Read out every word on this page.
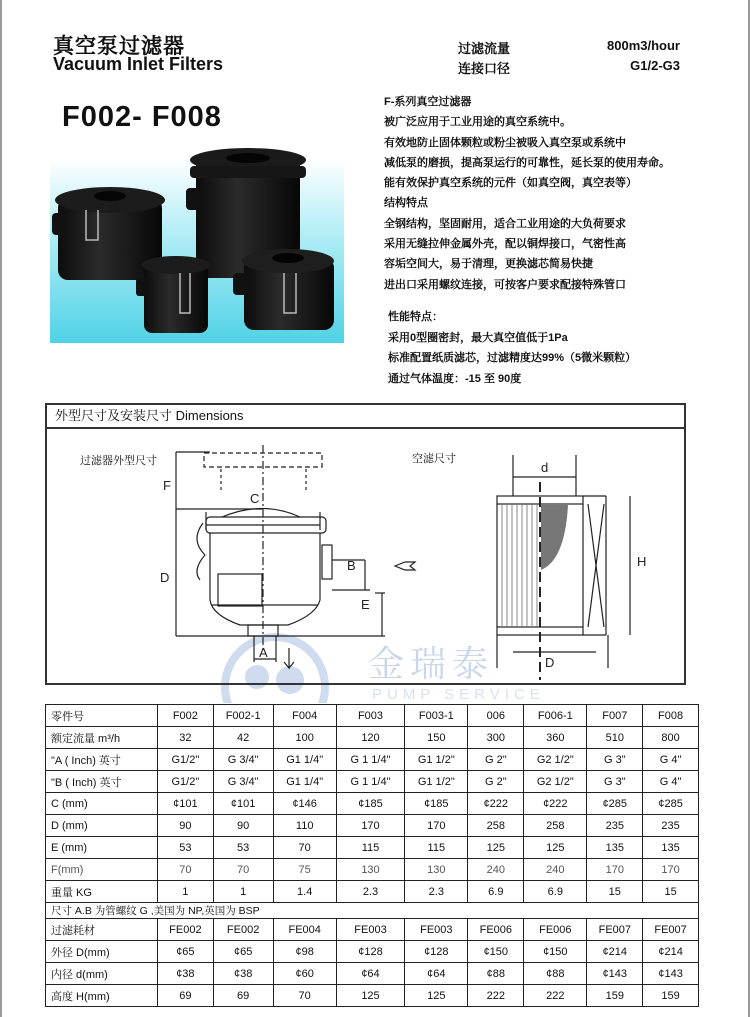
真空泵过滤器
Vacuum Inlet Filters
F002- F008
过滤流量	800m3/hour
连接口径	G1/2-G3
F-系列真空过滤器
被广泛应用于工业用途的真空系统中。
有效地防止固体颗粒或粉尘被吸入真空泵或系统中
减低泵的磨损，提高泵运行的可靠性，延长泵的使用寿命。
能有效保护真空系统的元件（如真空阀，真空表等）
结构特点
全钢结构，坚固耐用，适合工业用途的大负荷要求
采用无缝拉伸金属外壳，配以铜焊接口，气密性高
容垢空间大，易于清理，更换滤芯简易快捷
进出口采用螺纹连接，可按客户要求配接特殊管口
性能特点：
采用0型圈密封，最大真空值低于1Pa
标准配置纸质滤芯，过滤精度达99%（5微米颗粒）
通过气体温度：-15 至 90度
金瑞泰
PUMP SERVICE
外型尺寸及安装尺寸 Dimensions
过滤器外型尺寸	空滤尺寸
F
C
D
B
E
A
d
H
D
零件号	F002	F002-1	F004	F003	F003-1	006	F006-1	F007	F008
额定流量 m³/h	32	42	100	120	150	300	360	510	800
"A ( Inch) 英寸	G1/2"	G 3/4"	G1 1/4"	G 1 1/4"	G1 1/2"	G 2"	G2 1/2"	G 3"	G 4"
"B ( Inch) 英寸	G1/2"	G 3/4"	G1 1/4"	G 1 1/4"	G1 1/2"	G 2"	G2 1/2"	G 3"	G 4"
C (mm)	¢101	¢101	¢146	¢185	¢185	¢222	¢222	¢285	¢285
D (mm)	90	90	110	170	170	258	258	235	235
E (mm)	53	53	70	115	115	125	125	135	135
F(mm)	70	70	75	130	130	240	240	170	170
重量 KG	1	1	1.4	2.3	2.3	6.9	6.9	15	15
尺寸 A.B 为管螺纹 G ,美国为 NP,英国为 BSP									
过滤耗材	FE002	FE002	FE004	FE003	FE003	FE006	FE006	FE007	FE007
外径 D(mm)	¢65	¢65	¢98	¢128	¢128	¢150	¢150	¢214	¢214
内径 d(mm)	¢38	¢38	¢60	¢64	¢64	¢88	¢88	¢143	¢143
高度 H(mm)	69	69	70	125	125	222	222	159	159
